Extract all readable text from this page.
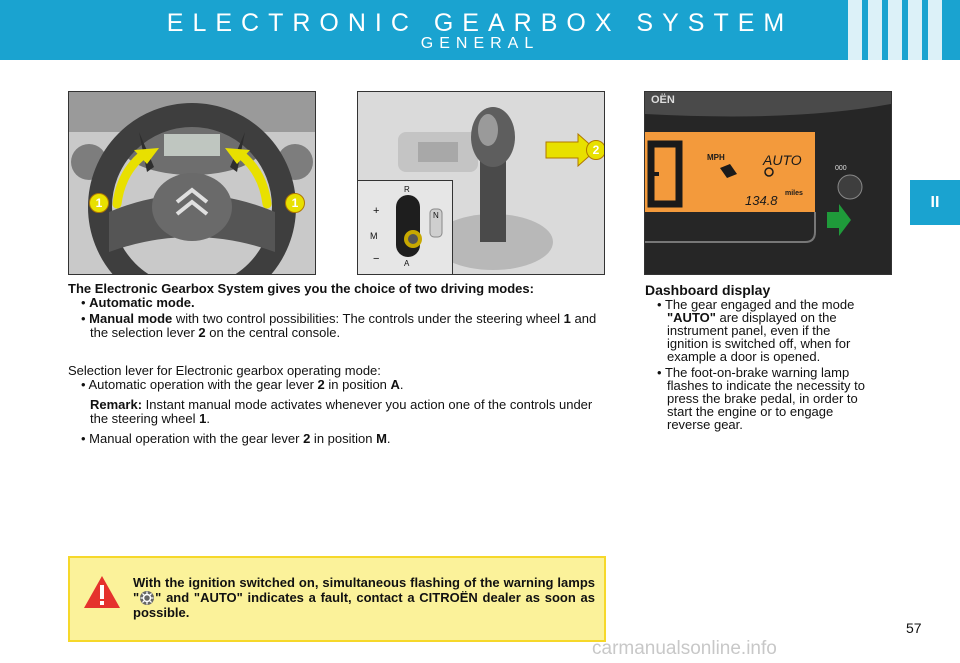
ELECTRONIC GEARBOX SYSTEM
GENERAL
II
1	1
2
+
M
−
R
N
A
OËN
MPH	AUTO
134.8 miles
000
The Electronic Gearbox System gives you the choice of two driving modes:
• Automatic mode.
• Manual mode with two control possibilities: The controls under the steering wheel 1 and the selection lever 2 on the central console.
Selection lever for Electronic gearbox operating mode:
• Automatic operation with the gear lever 2 in position A.
Remark: Instant manual mode activates whenever you action one of the controls under the steering wheel 1.
• Manual operation with the gear lever 2 in position M.
Dashboard display
• The gear engaged and the mode "AUTO" are displayed on the instrument panel, even if the ignition is switched off, when for example a door is opened.
• The foot-on-brake warning lamp flashes to indicate the necessity to press the brake pedal, in order to start the engine or to engage reverse gear.
With the ignition switched on, simultaneous flashing of the warning lamps " " and "AUTO" indicates a fault, contact a CITROËN dealer as soon as possible.
57
carmanualsonline.info
